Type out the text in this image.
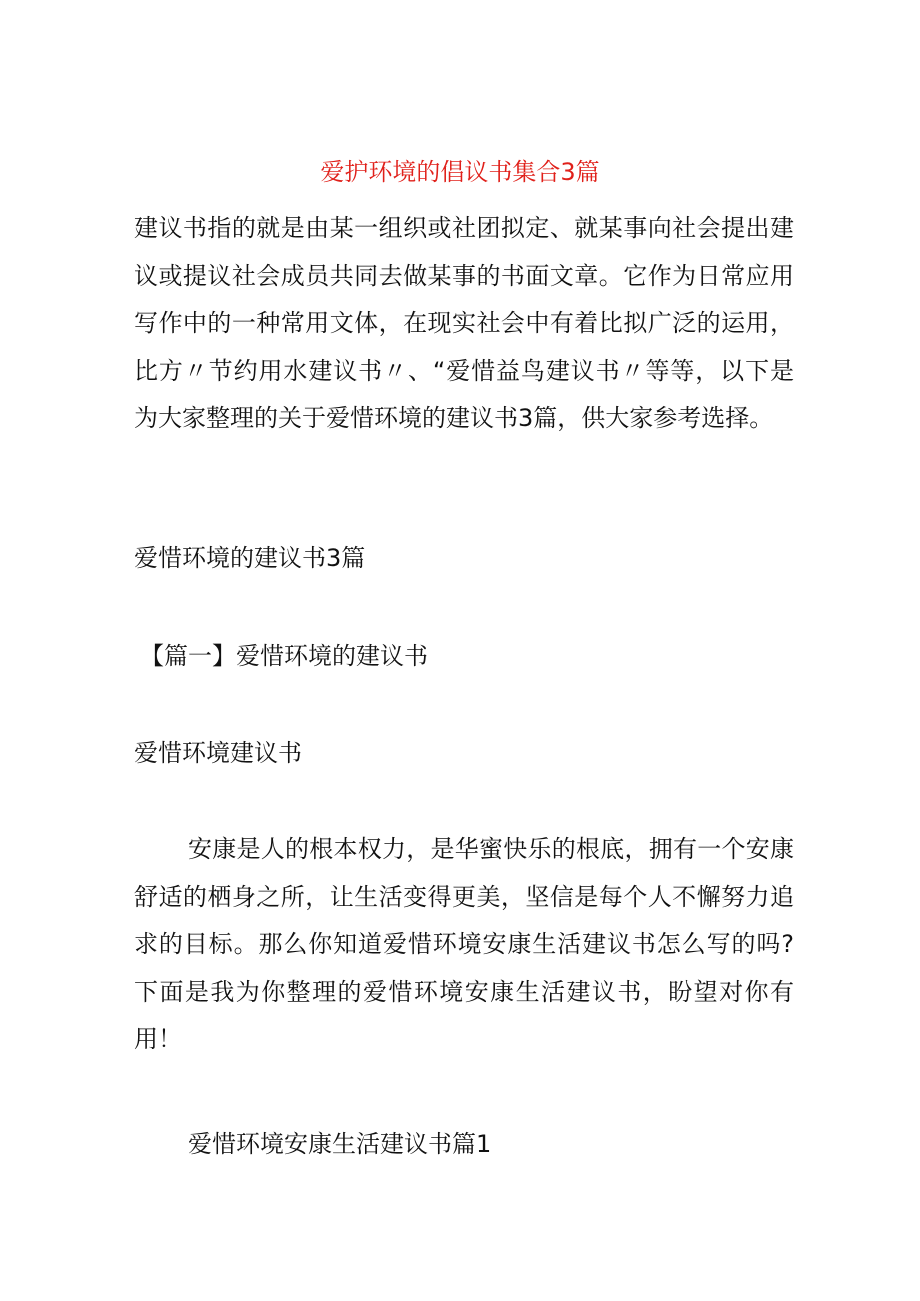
爱护环境的倡议书集合3篇

建议书指的就是由某一组织或社团拟定、就某事向社会提出建议或提议社会成员共同去做某事的书面文章。它作为日常应用写作中的一种常用文体，在现实社会中有着比拟广泛的运用，比方〃节约用水建议书〃、“爱惜益鸟建议书〃等等，以下是为大家整理的关于爱惜环境的建议书3篇，供大家参考选择。

爱惜环境的建议书3篇
【篇一】爱惜环境的建议书
爱惜环境建议书

安康是人的根本权力，是华蜜快乐的根底，拥有一个安康舒适的栖身之所，让生活变得更美，坚信是每个人不懈努力追求的目标。那么你知道爱惜环境安康生活建议书怎么写的吗?下面是我为你整理的爱惜环境安康生活建议书，盼望对你有用！

爱惜环境安康生活建议书篇1
